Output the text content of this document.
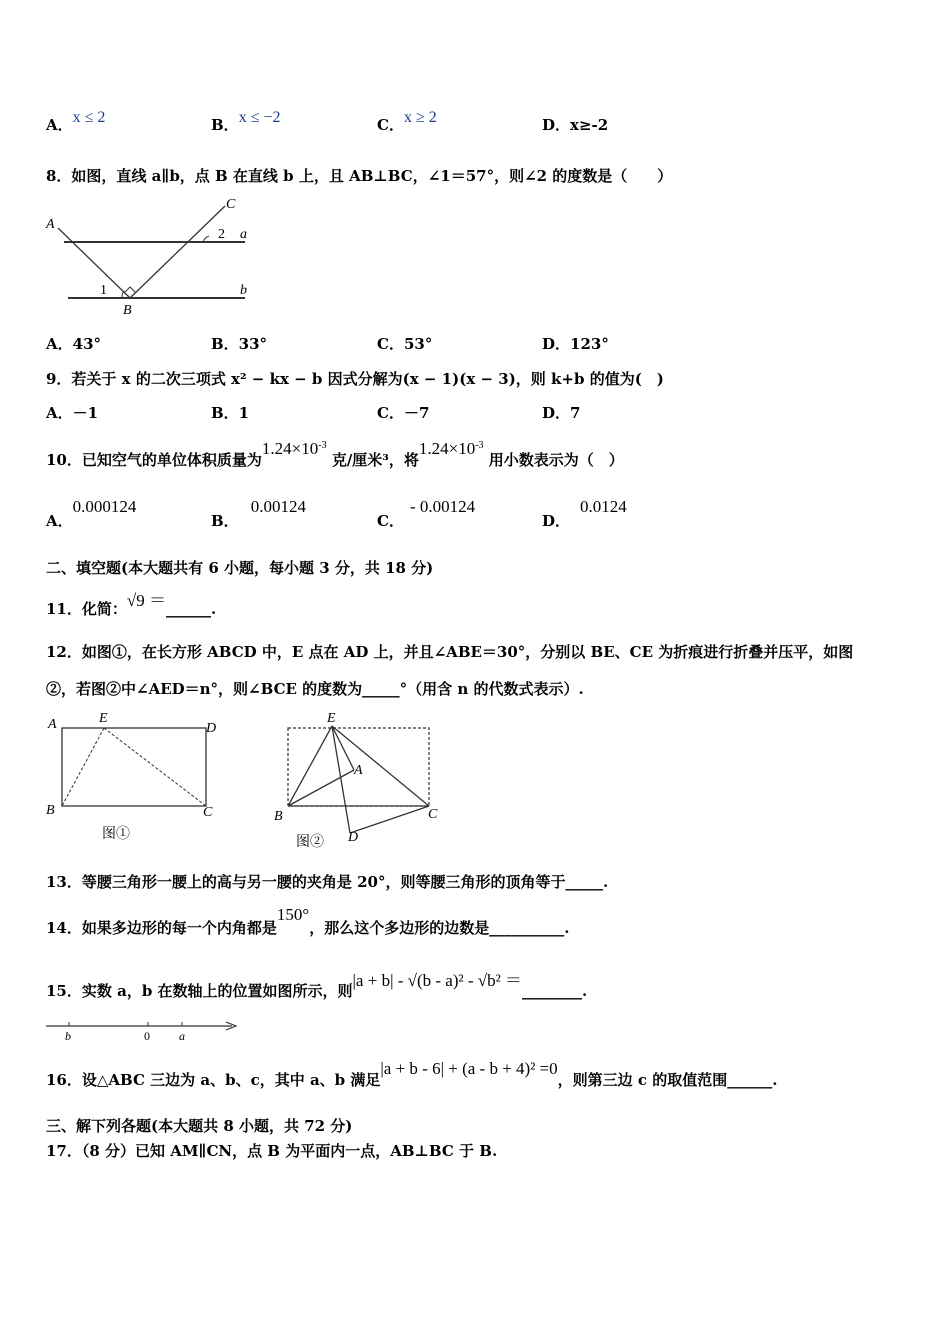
A．x ≤ 2	B．x ≤ −2	C．x ≥ 2	D．x≥-2
8．如图，直线 a∥b，点 B 在直线 b 上，且 AB⊥BC，∠1＝57°，则∠2 的度数是（　　）
A
B
C
a
b
1
2
A．43°	B．33°	C．53°	D．123°
9．若关于 x 的二次三项式 x² − kx − b 因式分解为(x − 1)(x − 3)，则 k+b 的值为(　)
A．－1	B．1	C．－7	D．7
10．已知空气的单位体积质量为$1.24\times 10^{-3}$ 克/厘米³，将$1.24\times 10^{-3}$ 用小数表示为（　）
A．0.000124
B．0.00124
C．- 0.00124
D．0.0124
二、填空题(本大题共有 6 小题，每小题 3 分，共 18 分)
11．化简：√9 ＝______.
12．如图①，在长方形 ABCD 中，E 点在 AD 上，并且∠ABE＝30°，分别以 BE、CE 为折痕进行折叠并压平，如图
②，若图②中∠AED＝n°，则∠BCE 的度数为_____°（用含 n 的代数式表示）.
A	E
D
B	C
图①
E
A
B	C
D
图②
13．等腰三角形一腰上的高与另一腰的夹角是 20°，则等腰三角形的顶角等于_____.
14．如果多边形的每一个内角都是150°，那么这个多边形的边数是__________.
15．实数 a，b 在数轴上的位置如图所示，则|a + b| - √(b - a)² - √b² ＝________.
b	0 a
16．设△ABC 三边为 a、b、c，其中 a、b 满足|a + b - 6| + (a - b + 4)² =0，则第三边 c 的取值范围______.
三、解下列各题(本大题共 8 小题，共 72 分)
17．（8 分）已知 AM∥CN，点 B 为平面内一点，AB⊥BC 于 B.
